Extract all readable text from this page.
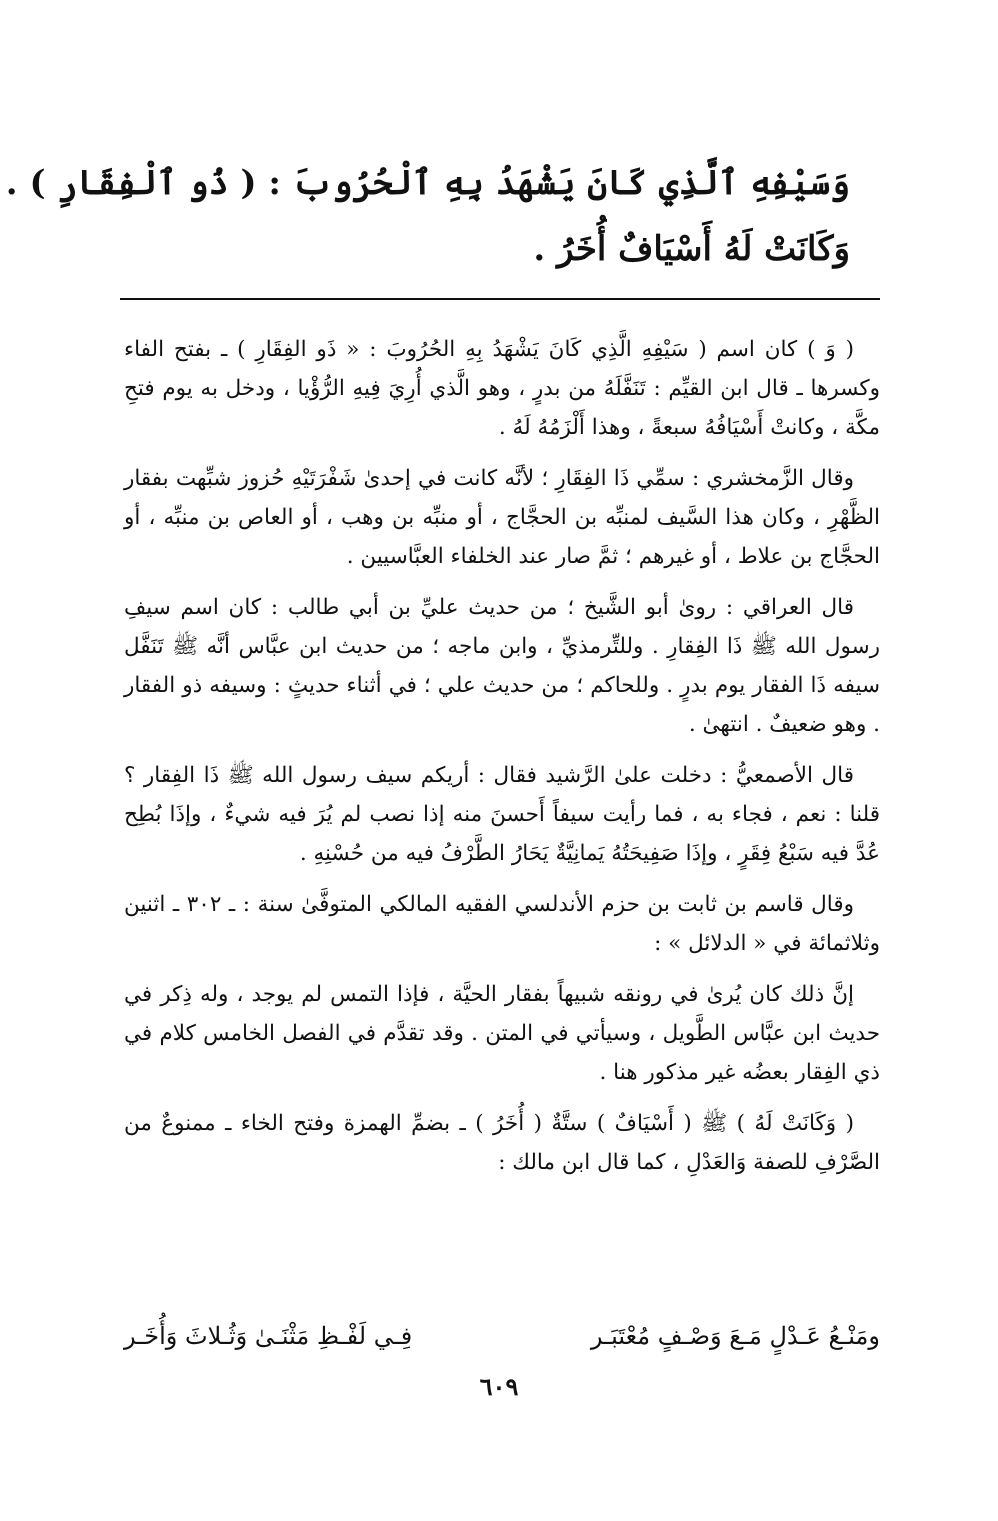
وَسَيْفِهِ ٱلَّذِي كَانَ يَشْهَدُ بِهِ ٱلْحُرُوبَ : ( ذُو ٱلْفِقَارِ ) .

وَكَانَتْ لَهُ أَسْيَافٌ أُخَرُ .

( وَ ) كان اسم ( سَيْفِهِ الَّذِي كَانَ يَشْهَدُ بِهِ الحُرُوبَ : « ذَو الفِقَارِ ) ـ بفتح الفاء وكسرها ـ قال ابن القيِّم : تَنَفَّلَهُ من بدرٍ ، وهو الَّذي أُرِيَ فِيهِ الرُّؤْيا ، ودخل به يوم فتحِ مكَّة ، وكانتْ أَسْيَافُهُ سبعةً ، وهذا أَلْزَمُهُ لَهُ .

وقال الزَّمخشري : سمِّي ذَا الفِقَارِ ؛ لأنَّه كانت في إحدىٰ شَفْرَتَيْهِ حُزوز شبِّهت بفقار الظَّهْرِ ، وكان هذا السَّيف لمنبِّه بن الحجَّاج ، أو منبِّه بن وهب ، أو العاص بن منبِّه ، أو الحجَّاج بن علاط ، أو غيرهم ؛ ثمَّ صار عند الخلفاء العبَّاسيين .

قال العراقي : روىٰ أبو الشَّيخ ؛ من حديث عليِّ بن أبي طالب : كان اسم سيفِ رسول الله ﷺ ذَا الفِقارِ . وللتِّرمذيِّ ، وابن ماجه ؛ من حديث ابن عبَّاس أنَّه ﷺ تَنَفَّل سيفه ذَا الفقار يوم بدرٍ . وللحاكم ؛ من حديث علي ؛ في أثناء حديثٍ : وسيفه ذو الفقار . وهو ضعيفٌ . انتهىٰ .

قال الأصمعيُّ : دخلت علىٰ الرَّشيد فقال : أريكم سيف رسول الله ﷺ ذَا الفِقار ؟ قلنا : نعم ، فجاء به ، فما رأيت سيفاً أَحسنَ منه إذا نصب لم يُرَ فيه شيءٌ ، وإذَا بُطِح عُدَّ فيه سَبْعُ فِقَرٍ ، وإذَا صَفِيحَتُهُ يَمانِيَّةٌ يَحَارُ الطَّرْفُ فيه من حُسْنِهِ .

وقال قاسم بن ثابت بن حزم الأندلسي الفقيه المالكي المتوفَّىٰ سنة : ـ ٣٠٢ ـ اثنين وثلاثمائة في « الدلائل » :

إنَّ ذلك كان يُرىٰ في رونقه شبيهاً بفقار الحيَّة ، فإذا التمس لم يوجد ، وله ذِكر في حديث ابن عبَّاس الطَّويل ، وسيأتي في المتن . وقد تقدَّم في الفصل الخامس كلام في ذي الفِقار بعضُه غير مذكور هنا .

( وَكَانَتْ لَهُ ) ﷺ ( أَسْيَافٌ ) ستَّةٌ ( أُخَرُ ) ـ بضمِّ الهمزة وفتح الخاء ـ ممنوعٌ من الصَّرْفِ للصفة وَالعَدْلِ ، كما قال ابن مالك :

ومَنْـعُ عَـدْلٍ مَـعَ وَصْـفٍ مُعْتَبَـر
فِـي لَفْـظِ مَثْنَـىٰ وَثُـلاثَ وَأُخَـر
٦٠٩
